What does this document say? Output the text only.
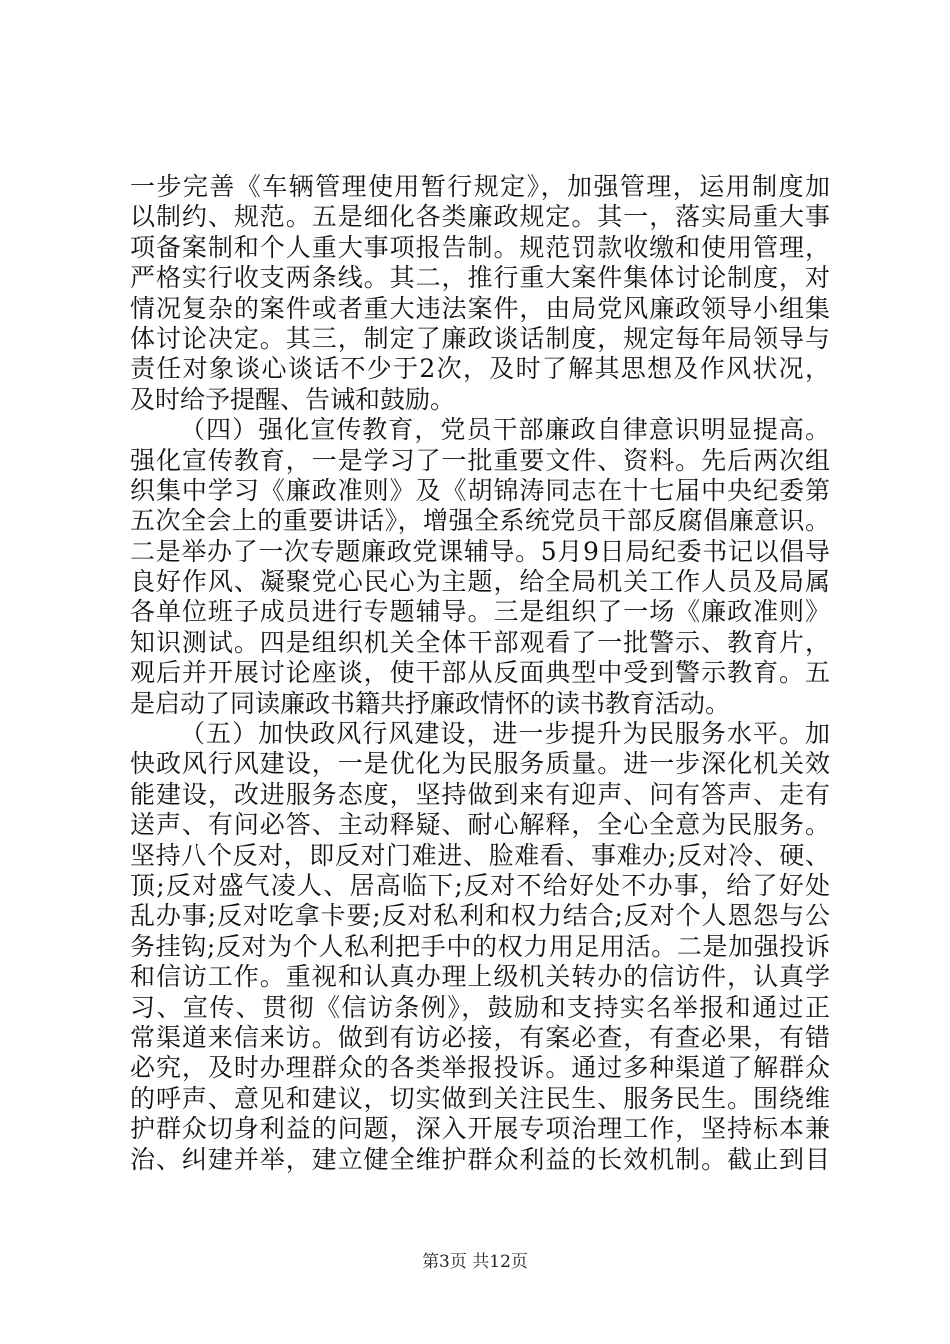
一步完善《车辆管理使用暂行规定》，加强管理，运用制度加
以制约、规范。五是细化各类廉政规定。其一，落实局重大事
项备案制和个人重大事项报告制。规范罚款收缴和使用管理，
严格实行收支两条线。其二，推行重大案件集体讨论制度，对
情况复杂的案件或者重大违法案件，由局党风廉政领导小组集
体讨论决定。其三，制定了廉政谈话制度，规定每年局领导与
责任对象谈心谈话不少于2次，及时了解其思想及作风状况，
及时给予提醒、告诫和鼓励。
（四）强化宣传教育，党员干部廉政自律意识明显提高。
强化宣传教育，一是学习了一批重要文件、资料。先后两次组
织集中学习《廉政准则》及《胡锦涛同志在十七届中央纪委第
五次全会上的重要讲话》，增强全系统党员干部反腐倡廉意识。
二是举办了一次专题廉政党课辅导。5月9日局纪委书记以倡导
良好作风、凝聚党心民心为主题，给全局机关工作人员及局属
各单位班子成员进行专题辅导。三是组织了一场《廉政准则》
知识测试。四是组织机关全体干部观看了一批警示、教育片，
观后并开展讨论座谈，使干部从反面典型中受到警示教育。五
是启动了同读廉政书籍共抒廉政情怀的读书教育活动。
（五）加快政风行风建设，进一步提升为民服务水平。加
快政风行风建设，一是优化为民服务质量。进一步深化机关效
能建设，改进服务态度，坚持做到来有迎声、问有答声、走有
送声、有问必答、主动释疑、耐心解释，全心全意为民服务。
坚持八个反对，即反对门难进、脸难看、事难办;反对冷、硬、
顶;反对盛气凌人、居高临下;反对不给好处不办事，给了好处
乱办事;反对吃拿卡要;反对私利和权力结合;反对个人恩怨与公
务挂钩;反对为个人私利把手中的权力用足用活。二是加强投诉
和信访工作。重视和认真办理上级机关转办的信访件，认真学
习、宣传、贯彻《信访条例》，鼓励和支持实名举报和通过正
常渠道来信来访。做到有访必接，有案必查，有查必果，有错
必究，及时办理群众的各类举报投诉。通过多种渠道了解群众
的呼声、意见和建议，切实做到关注民生、服务民生。围绕维
护群众切身利益的问题，深入开展专项治理工作，坚持标本兼
治、纠建并举，建立健全维护群众利益的长效机制。截止到目
第3页 共12页
